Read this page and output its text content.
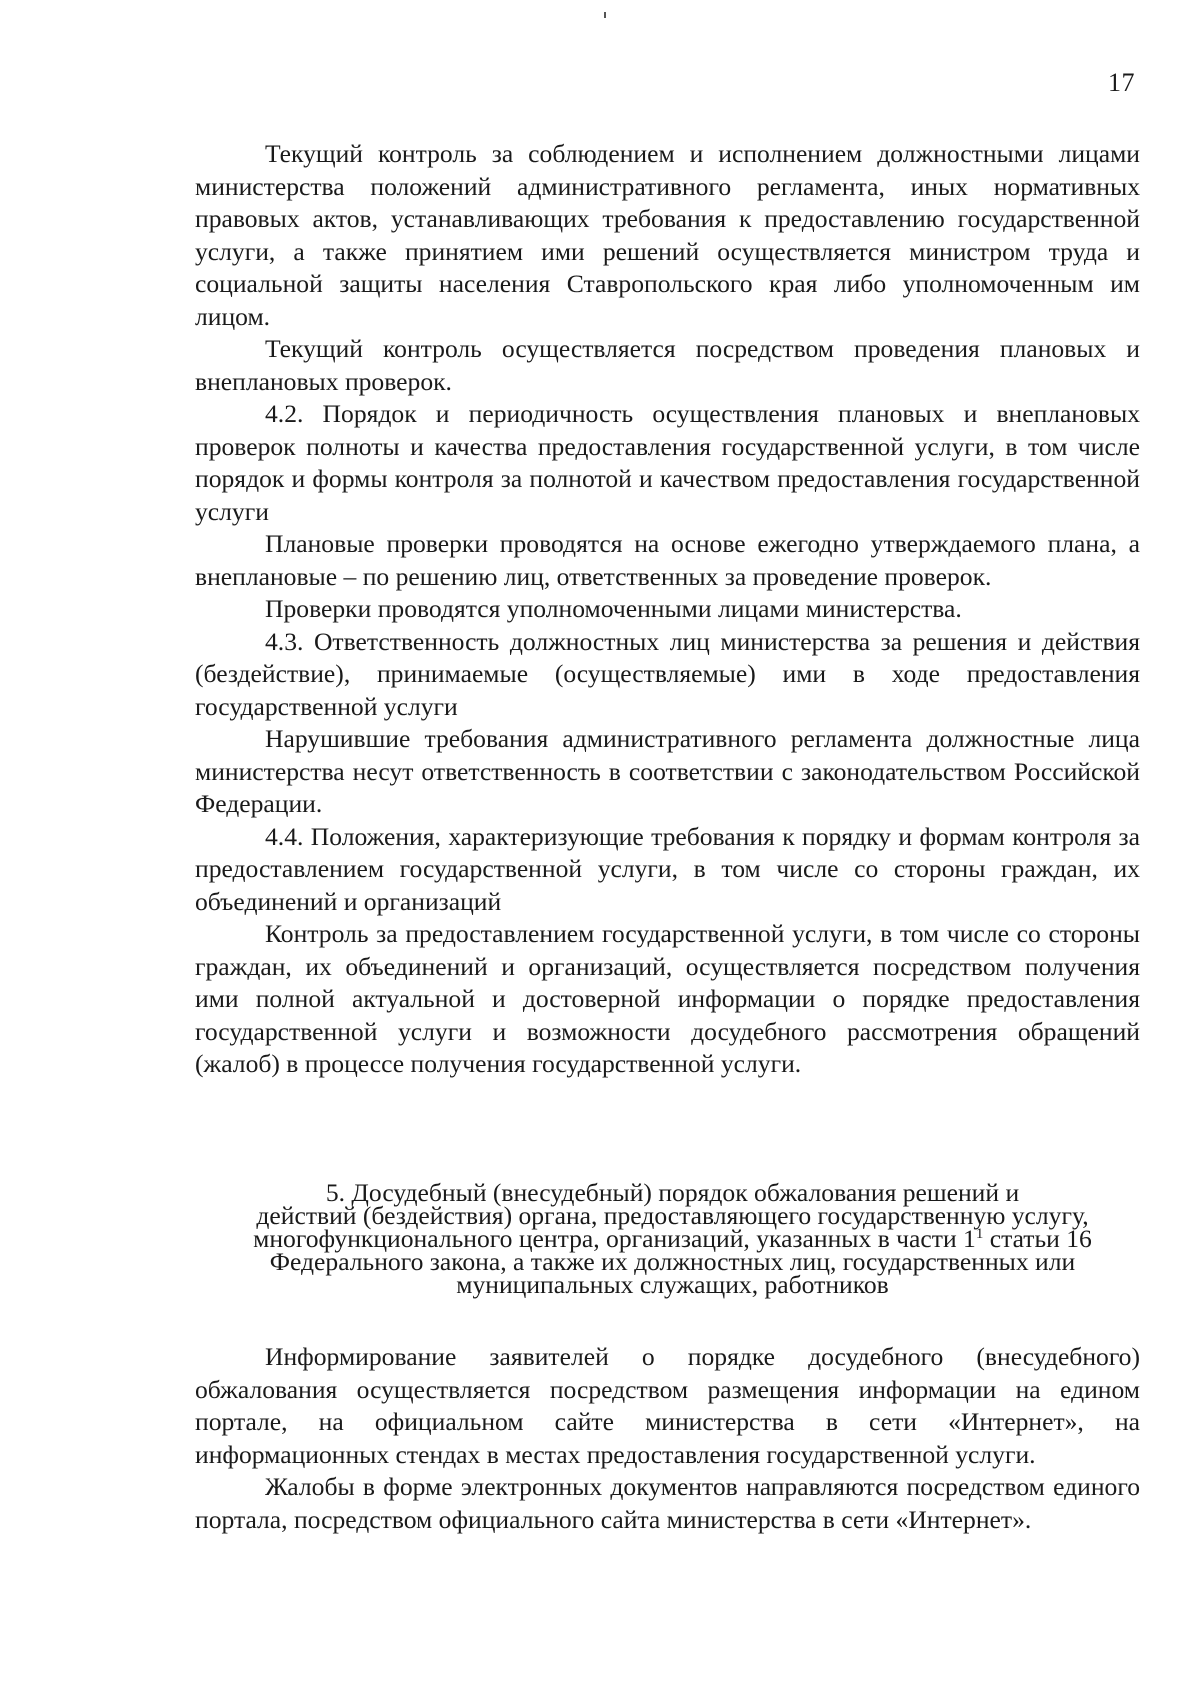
17

Текущий контроль за соблюдением и исполнением должностными лицами министерства положений административного регламента, иных нормативных правовых актов, устанавливающих требования к предоставлению государственной услуги, а также принятием ими решений осуществляется министром труда и социальной защиты населения Ставропольского края либо уполномоченным им лицом.

Текущий контроль осуществляется посредством проведения плановых и внеплановых проверок.

4.2. Порядок и периодичность осуществления плановых и внеплановых проверок полноты и качества предоставления государственной услуги, в том числе порядок и формы контроля за полнотой и качеством предоставления государственной услуги

Плановые проверки проводятся на основе ежегодно утверждаемого плана, а внеплановые – по решению лиц, ответственных за проведение проверок.

Проверки проводятся уполномоченными лицами министерства.

4.3. Ответственность должностных лиц министерства за решения и действия (бездействие), принимаемые (осуществляемые) ими в ходе предоставления государственной услуги

Нарушившие требования административного регламента должностные лица министерства несут ответственность в соответствии с законодательством Российской Федерации.

4.4. Положения, характеризующие требования к порядку и формам контроля за предоставлением государственной услуги, в том числе со стороны граждан, их объединений и организаций

Контроль за предоставлением государственной услуги, в том числе со стороны граждан, их объединений и организаций, осуществляется посредством получения ими полной актуальной и достоверной информации о порядке предоставления государственной услуги и возможности досудебного рассмотрения обращений (жалоб) в процессе получения государственной услуги.

5. Досудебный (внесудебный) порядок обжалования решений и
действий (бездействия) органа, предоставляющего государственную услугу,
многофункционального центра, организаций, указанных в части $1^1$ статьи 16
Федерального закона, а также их должностных лиц, государственных или
муниципальных служащих, работников

Информирование заявителей о порядке досудебного (внесудебного) обжалования осуществляется посредством размещения информации на едином портале, на официальном сайте министерства в сети «Интернет», на информационных стендах в местах предоставления государственной услуги.

Жалобы в форме электронных документов направляются посредством единого портала, посредством официального сайта министерства в сети «Интернет».
